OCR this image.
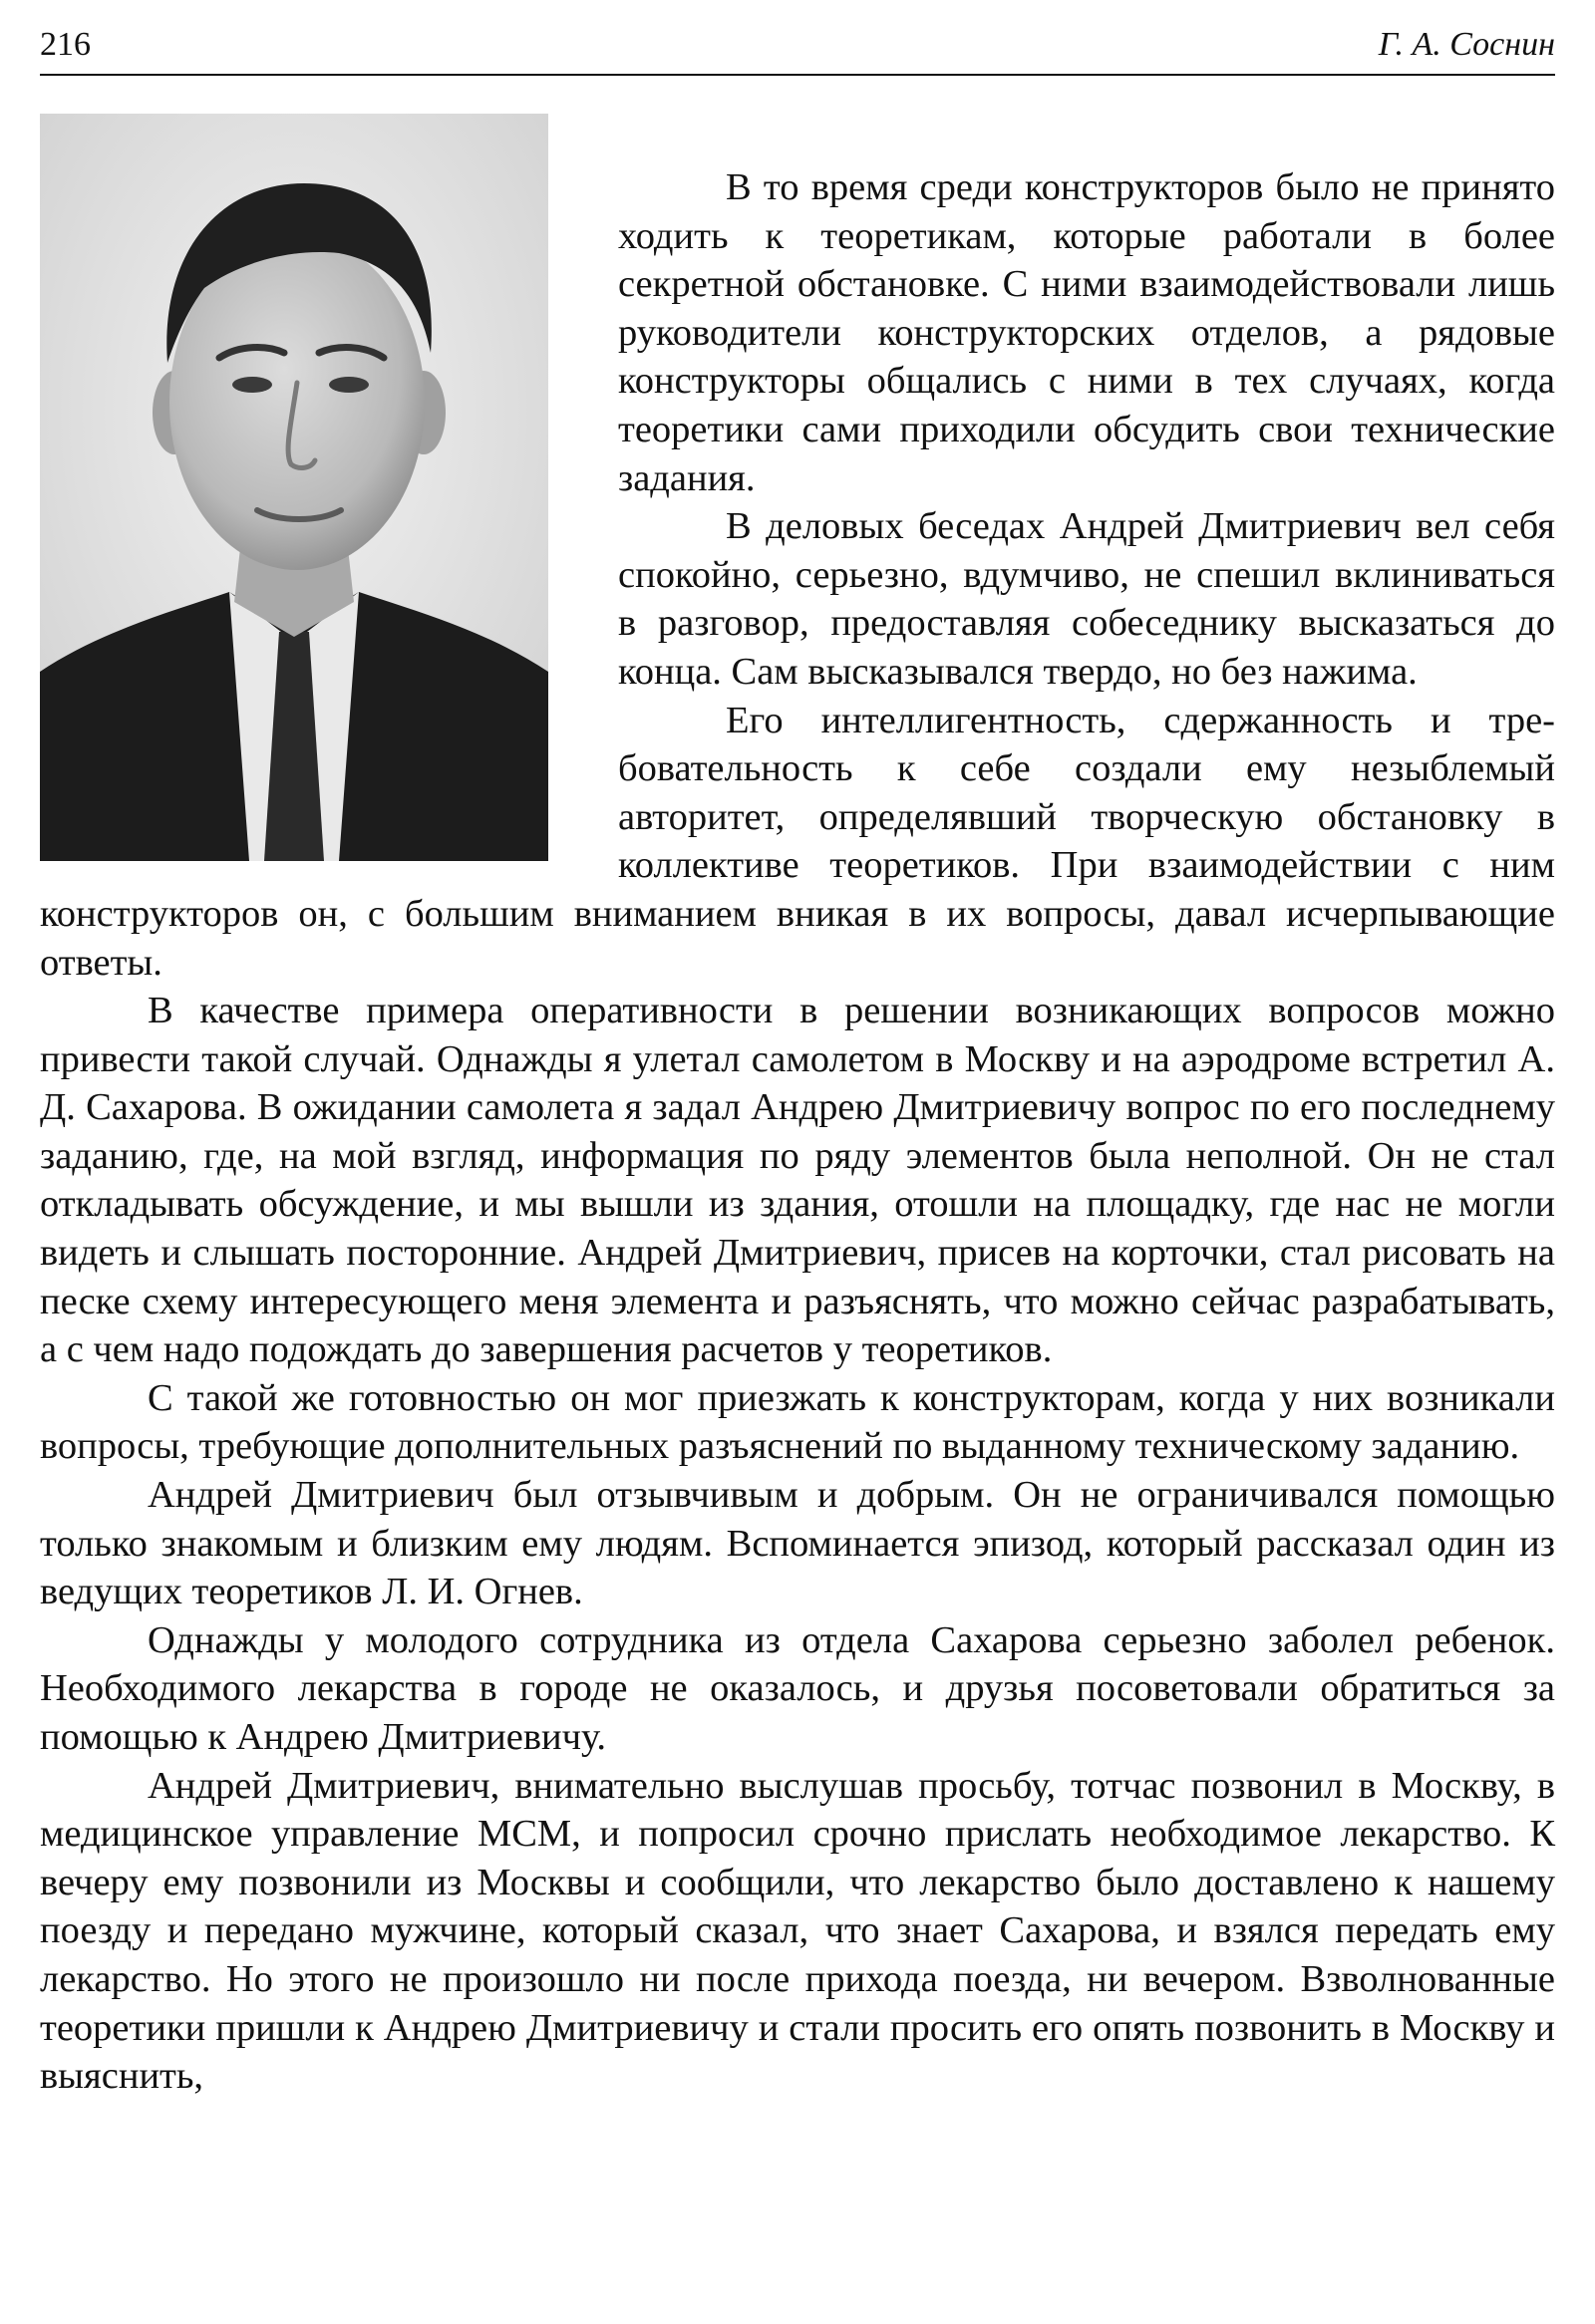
216	Г. А. Соснин

В то время среди конструкторов было не принято ходить к теоретикам, которые работали в более секретной обстановке. С ними взаимодействовали лишь руководители конструкторских отделов, а рядовые конструкторы общались с ними в тех случаях, когда теоретики сами приходили обсудить свои технические задания.

В деловых беседах Андрей Дмитриевич вел себя спокойно, серьезно, вдумчиво, не спешил вклиниваться в разговор, предоставляя собеседнику высказаться до конца. Сам высказывался твердо, но без нажима.

Его интеллигентность, сдержанность и требовательность к себе создали ему незыблемый авторитет, определявший творческую обстановку в коллективе теоретиков. При взаимодействии с ним конструкторов он, с большим вниманием вникая в их вопросы, давал исчерпывающие ответы.

В качестве примера оперативности в решении возникающих вопросов можно привести такой случай. Однажды я улетал самолетом в Москву и на аэродроме встретил А. Д. Сахарова. В ожидании самолета я задал Андрею Дмитриевичу вопрос по его последнему заданию, где, на мой взгляд, информация по ряду элементов была неполной. Он не стал откладывать обсуждение, и мы вышли из здания, отошли на площадку, где нас не могли видеть и слышать посторонние. Андрей Дмитриевич, присев на корточки, стал рисовать на песке схему интересующего меня элемента и разъяснять, что можно сейчас разрабатывать, а с чем надо подождать до завершения расчетов у теоретиков.

С такой же готовностью он мог приезжать к конструкторам, когда у них возникали вопросы, требующие дополнительных разъяснений по выданному техническому заданию.

Андрей Дмитриевич был отзывчивым и добрым. Он не ограничивался помощью только знакомым и близким ему людям. Вспоминается эпизод, который рассказал один из ведущих теоретиков Л. И. Огнев.

Однажды у молодого сотрудника из отдела Сахарова серьезно заболел ребенок. Необходимого лекарства в городе не оказалось, и друзья посоветовали обратиться за помощью к Андрею Дмитриевичу.

Андрей Дмитриевич, внимательно выслушав просьбу, тотчас позвонил в Москву, в медицинское управление МСМ, и попросил срочно прислать необходимое лекарство. К вечеру ему позвонили из Москвы и сообщили, что лекарство было доставлено к нашему поезду и передано мужчине, который сказал, что знает Сахарова, и взялся передать ему лекарство. Но этого не произошло ни после прихода поезда, ни вечером. Взволнованные теоретики пришли к Андрею Дмитриевичу и стали просить его опять позвонить в Москву и выяснить,
